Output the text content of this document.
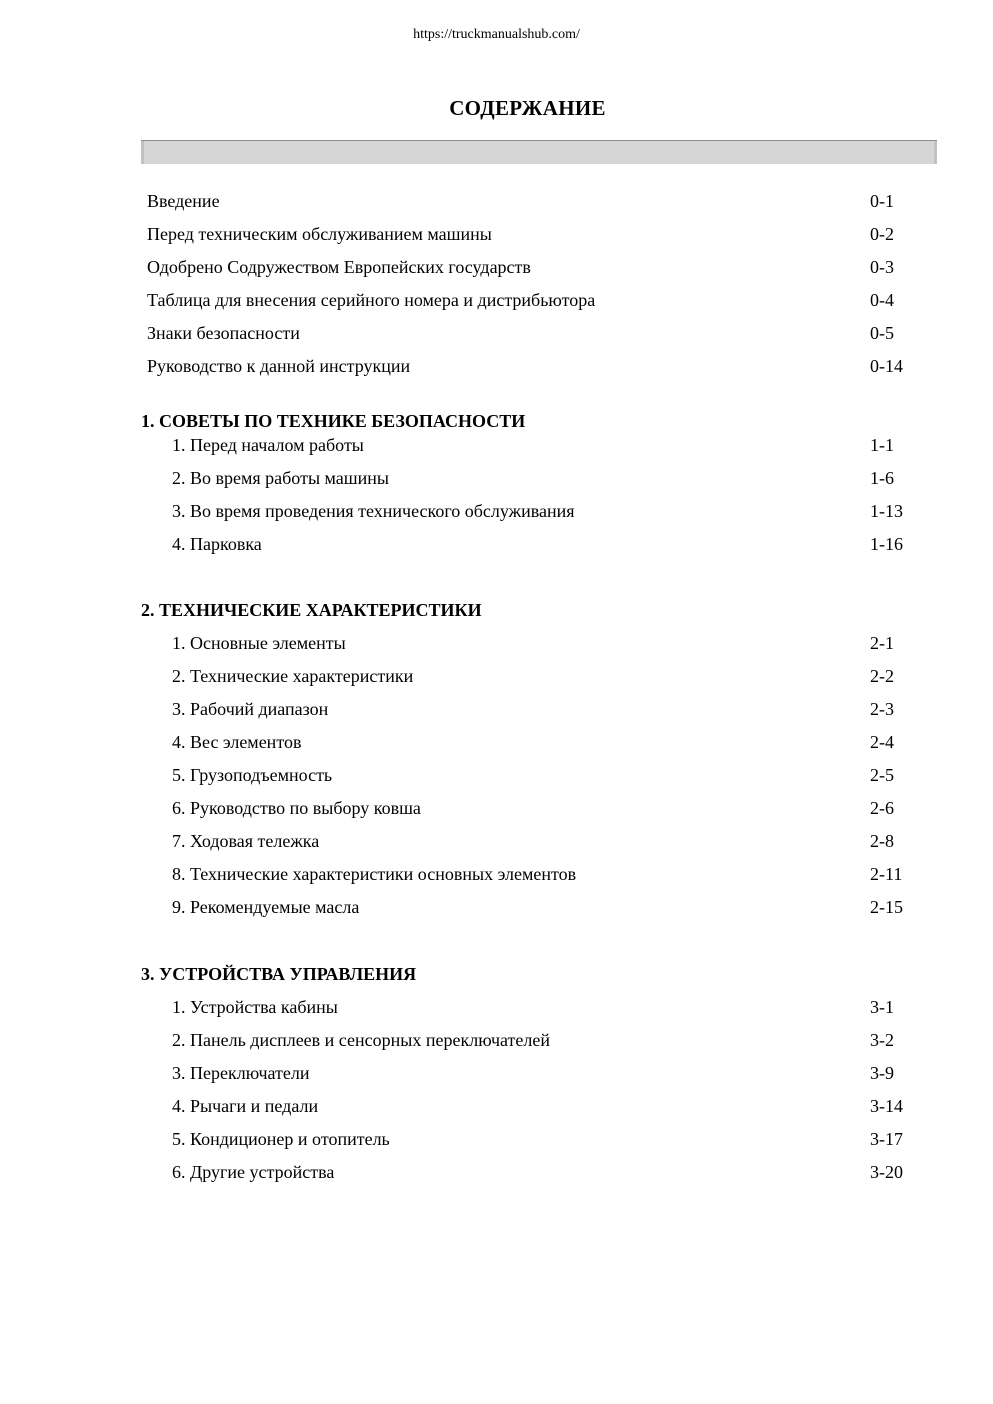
https://truckmanualshub.com/
СОДЕРЖАНИЕ
Введение	0-1
Перед техническим обслуживанием машины	0-2
Одобрено Содружеством Европейских государств	0-3
Таблица для внесения серийного номера и дистрибьютора	0-4
Знаки безопасности	0-5
Руководство к данной инструкции	0-14
1. СОВЕТЫ ПО ТЕХНИКЕ БЕЗОПАСНОСТИ
1. Перед началом работы	1-1
2. Во время работы машины	1-6
3. Во время проведения технического обслуживания	1-13
4. Парковка	1-16
2. ТЕХНИЧЕСКИЕ ХАРАКТЕРИСТИКИ
1. Основные элементы	2-1
2. Технические характеристики	2-2
3. Рабочий диапазон	2-3
4. Вес элементов	2-4
5. Грузоподъемность	2-5
6. Руководство по выбору ковша	2-6
7. Ходовая тележка	2-8
8. Технические характеристики основных элементов	2-11
9. Рекомендуемые масла	2-15
3. УСТРОЙСТВА УПРАВЛЕНИЯ
1. Устройства кабины	3-1
2. Панель дисплеев и сенсорных переключателей	3-2
3. Переключатели	3-9
4. Рычаги и педали	3-14
5. Кондиционер и отопитель	3-17
6. Другие устройства	3-20
